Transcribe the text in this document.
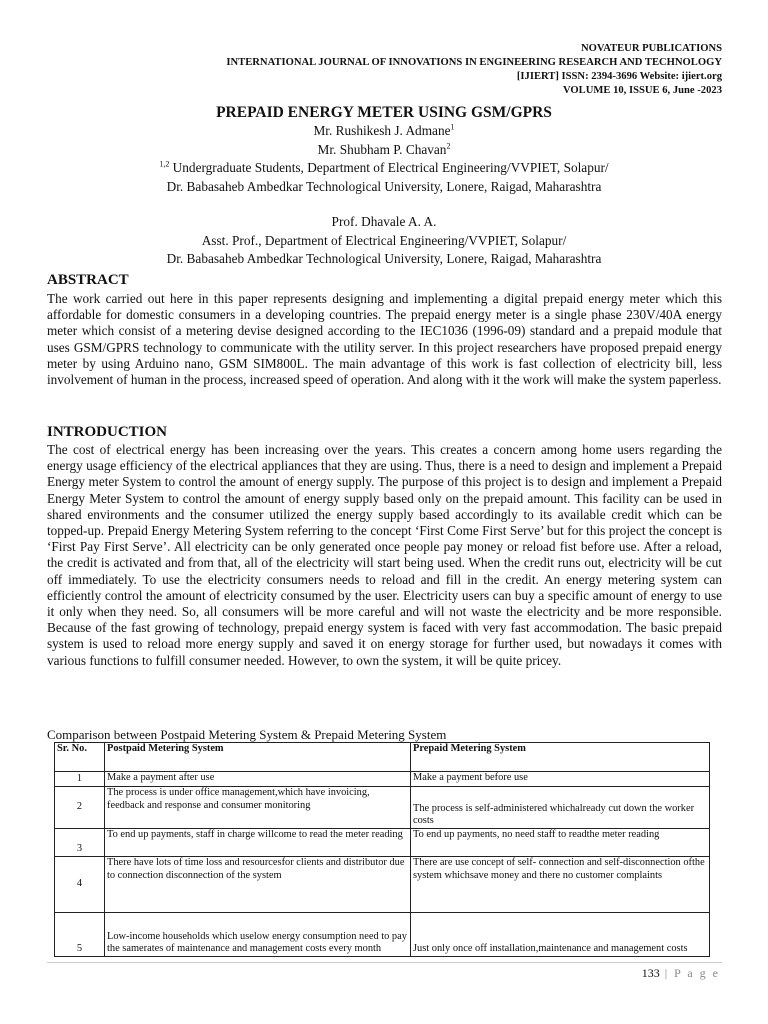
NOVATEUR PUBLICATIONS
INTERNATIONAL JOURNAL OF INNOVATIONS IN ENGINEERING RESEARCH AND TECHNOLOGY
[IJIERT] ISSN: 2394-3696 Website: ijiert.org
VOLUME 10, ISSUE 6, June -2023
PREPAID ENERGY METER USING GSM/GPRS
Mr. Rushikesh J. Admane$^1$
Mr. Shubham P. Chavan$^2$
$^{1,2}$ Undergraduate Students, Department of Electrical Engineering/VVPIET, Solapur/
Dr. Babasaheb Ambedkar Technological University, Lonere, Raigad, Maharashtra
Prof. Dhavale A. A.
Asst. Prof., Department of Electrical Engineering/VVPIET, Solapur/
Dr. Babasaheb Ambedkar Technological University, Lonere, Raigad, Maharashtra
ABSTRACT

The work carried out here in this paper represents designing and implementing a digital prepaid energy meter which this affordable for domestic consumers in a developing countries. The prepaid energy meter is a single phase 230V/40A energy meter which consist of a metering devise designed according to the IEC1036 (1996-09) standard and a prepaid module that uses GSM/GPRS technology to communicate with the utility server. In this project researchers have proposed prepaid energy meter by using Arduino nano, GSM SIM800L. The main advantage of this work is fast collection of electricity bill, less involvement of human in the process, increased speed of operation. And along with it the work will make the system paperless.

INTRODUCTION

The cost of electrical energy has been increasing over the years. This creates a concern among home users regarding the energy usage efficiency of the electrical appliances that they are using. Thus, there is a need to design and implement a Prepaid Energy meter System to control the amount of energy supply. The purpose of this project is to design and implement a Prepaid Energy Meter System to control the amount of energy supply based only on the prepaid amount. This facility can be used in shared environments and the consumer utilized the energy supply based accordingly to its available credit which can be topped-up. Prepaid Energy Metering System referring to the concept ‘First Come First Serve’ but for this project the concept is ‘First Pay First Serve’. All electricity can be only generated once people pay money or reload fist before use. After a reload, the credit is activated and from that, all of the electricity will start being used. When the credit runs out, electricity will be cut off immediately. To use the electricity consumers needs to reload and fill in the credit. An energy metering system can efficiently control the amount of electricity consumed by the user. Electricity users can buy a specific amount of energy to use it only when they need. So, all consumers will be more careful and will not waste the electricity and be more responsible. Because of the fast growing of technology, prepaid energy system is faced with very fast accommodation. The basic prepaid system is used to reload more energy supply and saved it on energy storage for further used, but nowadays it comes with various functions to fulfill consumer needed. However, to own the system, it will be quite pricey.

Comparison between Postpaid Metering System & Prepaid Metering System
Sr. No.	Postpaid Metering System	Prepaid Metering System
1	Make a payment after use	Make a payment before use
2	The process is under office management,which have invoicing, feedback and response and consumer monitoring	The process is self-administered whichalready cut down the worker costs
3	To end up payments, staff in charge willcome to read the meter reading	To end up payments, no need staff to readthe meter reading
4	There have lots of time loss and resourcesfor clients and distributor due to connection disconnection of the system	There are use concept of self- connection and self-disconnection ofthe system whichsave money and there no customer complaints
5	Low-income households which uselow energy consumption need to pay the samerates of maintenance and management costs every month	Just only once off installation,maintenance and management costs
133 | P a g e
